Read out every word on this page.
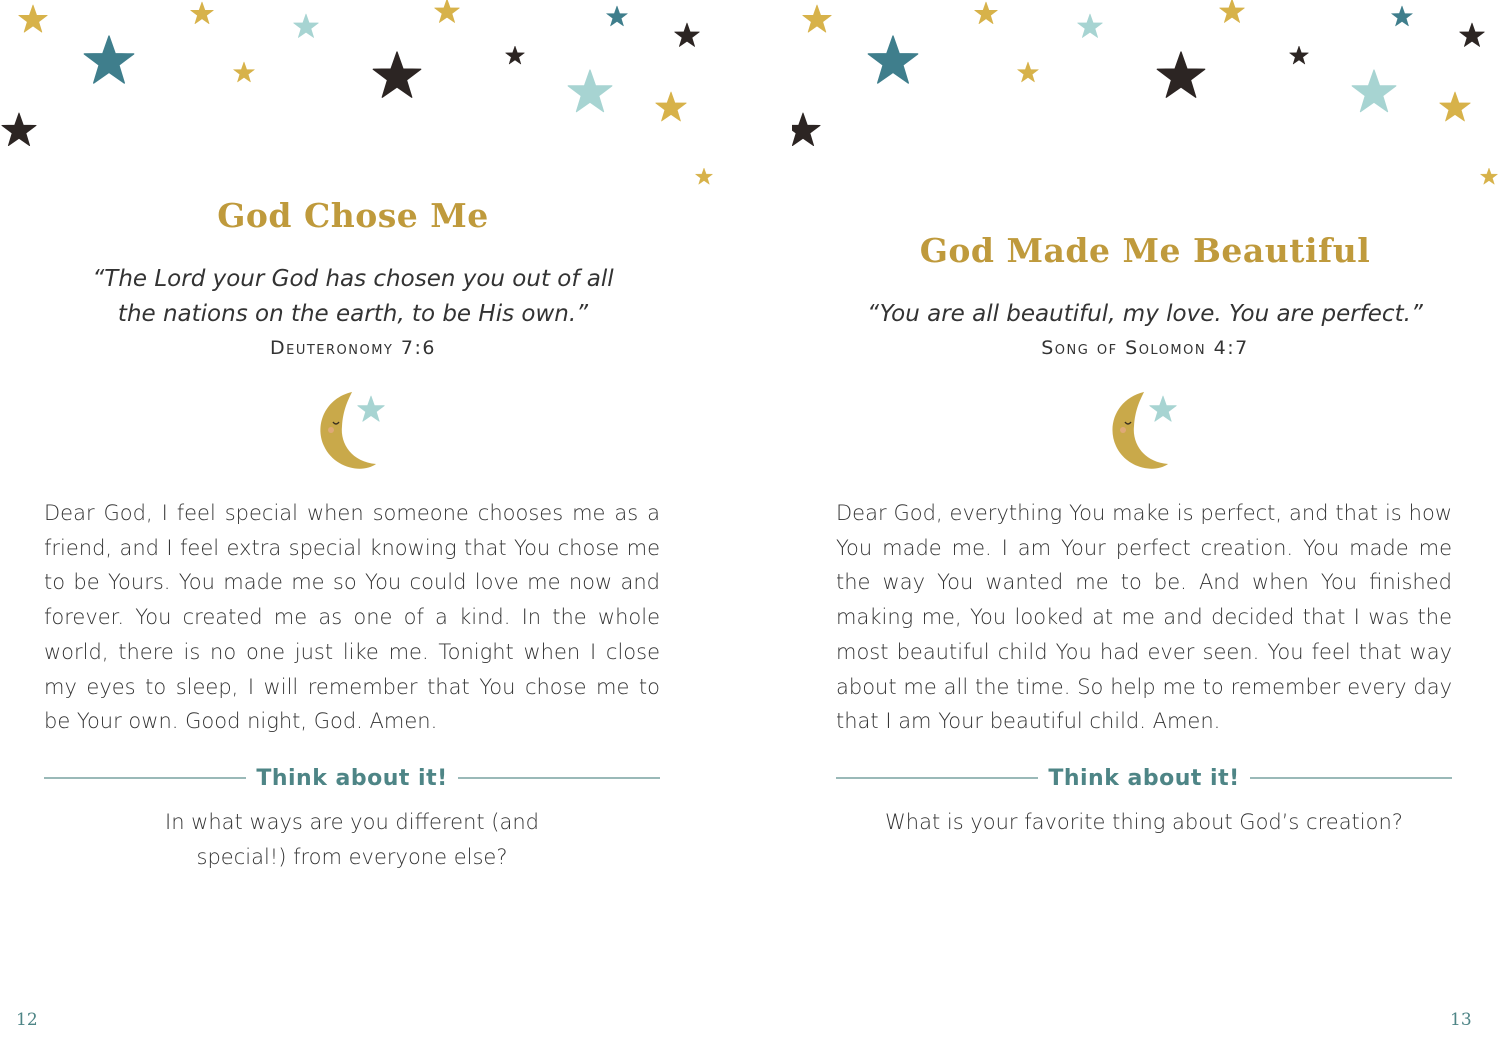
God Chose Me
“The Lord your God has chosen you out of all
the nations on the earth, to be His own.”
Deuteronomy 7:6

Dear God, I feel special when someone chooses me as a friend, and I feel extra special knowing that You chose me to be Yours. You made me so You could love me now and forever. You created me as one of a kind. In the whole world, there is no one just like me. Tonight when I close my eyes to sleep, I will remember that You chose me to be Your own. Good night, God. Amen.

Think about it!
In what ways are you different (and
special!) from everyone else?
12
God Made Me Beautiful
“You are all beautiful, my love. You are perfect.”
Song of Solomon 4:7

Dear God, everything You make is perfect, and that is how You made me. I am Your perfect creation. You made me the way You wanted me to be. And when You finished making me, You looked at me and decided that I was the most beautiful child You had ever seen. You feel that way about me all the time. So help me to remember every day that I am Your beautiful child. Amen.

Think about it!
What is your favorite thing about God’s creation?
13
